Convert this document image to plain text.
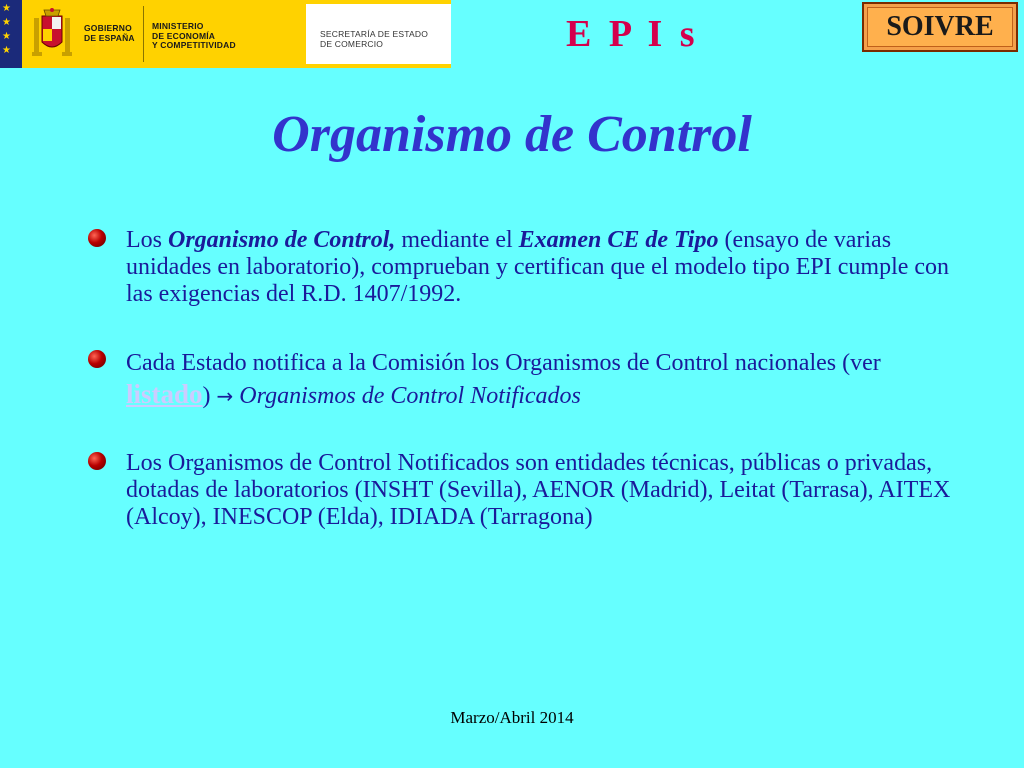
★
★
★
★
GOBIERNO
DE ESPAÑA
MINISTERIO
DE ECONOMÍA
Y COMPETITIVIDAD
SECRETARÍA DE ESTADO
DE COMERCIO	E P I s	SOIVRE
Organismo de Control
Los Organismo de Control, mediante el Examen CE de Tipo (ensayo de varias unidades en laboratorio), comprueban y certifican que el modelo tipo EPI cumple con las exigencias del R.D. 1407/1992.
Cada Estado notifica a la Comisión los Organismos de Control nacionales (ver listado) → Organismos de Control Notificados
Los Organismos de Control Notificados son entidades técnicas, públicas o privadas, dotadas de laboratorios (INSHT (Sevilla), AENOR (Madrid), Leitat (Tarrasa), AITEX (Alcoy), INESCOP (Elda), IDIADA (Tarragona)
Marzo/Abril 2014
